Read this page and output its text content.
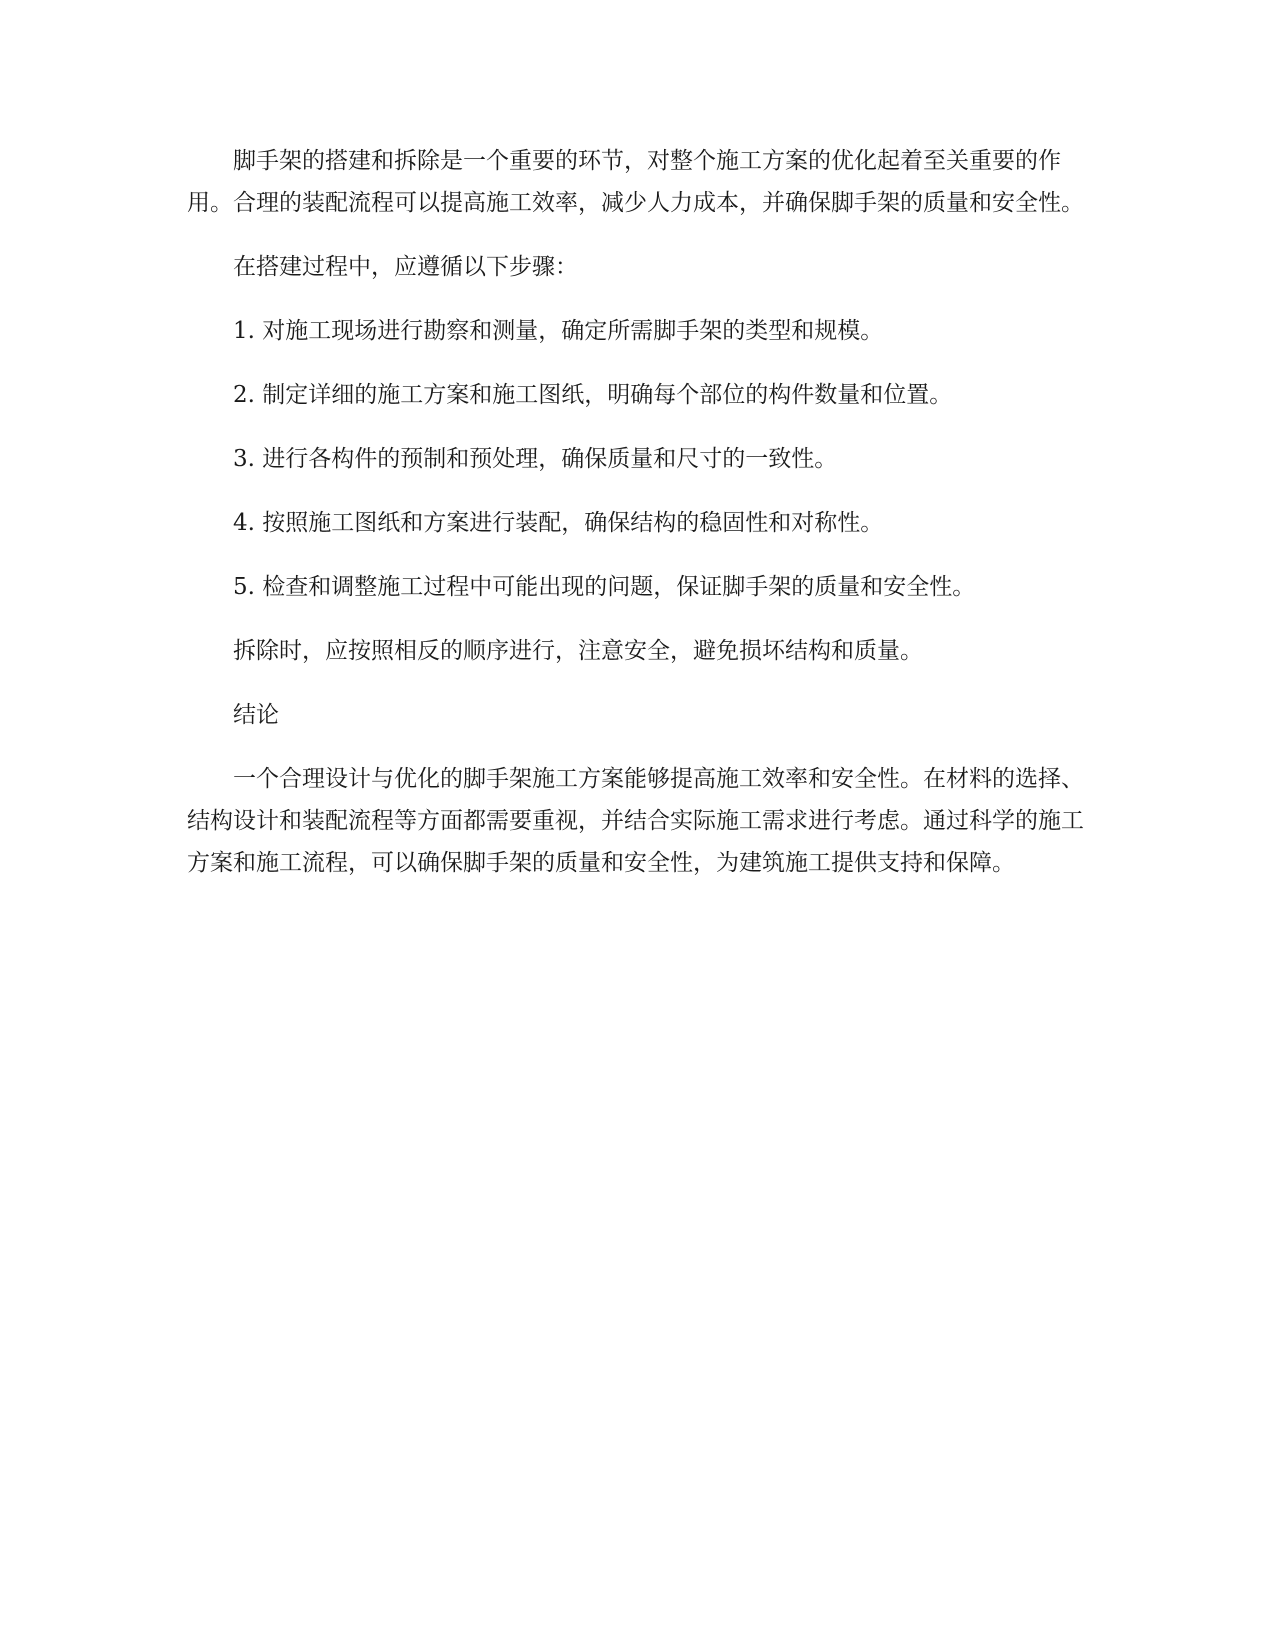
脚手架的搭建和拆除是一个重要的环节，对整个施工方案的优化起着至关重要的作用。合理的装配流程可以提高施工效率，减少人力成本，并确保脚手架的质量和安全性。

在搭建过程中，应遵循以下步骤：

1. 对施工现场进行勘察和测量，确定所需脚手架的类型和规模。

2. 制定详细的施工方案和施工图纸，明确每个部位的构件数量和位置。

3. 进行各构件的预制和预处理，确保质量和尺寸的一致性。

4. 按照施工图纸和方案进行装配，确保结构的稳固性和对称性。

5. 检查和调整施工过程中可能出现的问题，保证脚手架的质量和安全性。

拆除时，应按照相反的顺序进行，注意安全，避免损坏结构和质量。

结论

一个合理设计与优化的脚手架施工方案能够提高施工效率和安全性。在材料的选择、结构设计和装配流程等方面都需要重视，并结合实际施工需求进行考虑。通过科学的施工方案和施工流程，可以确保脚手架的质量和安全性，为建筑施工提供支持和保障。
